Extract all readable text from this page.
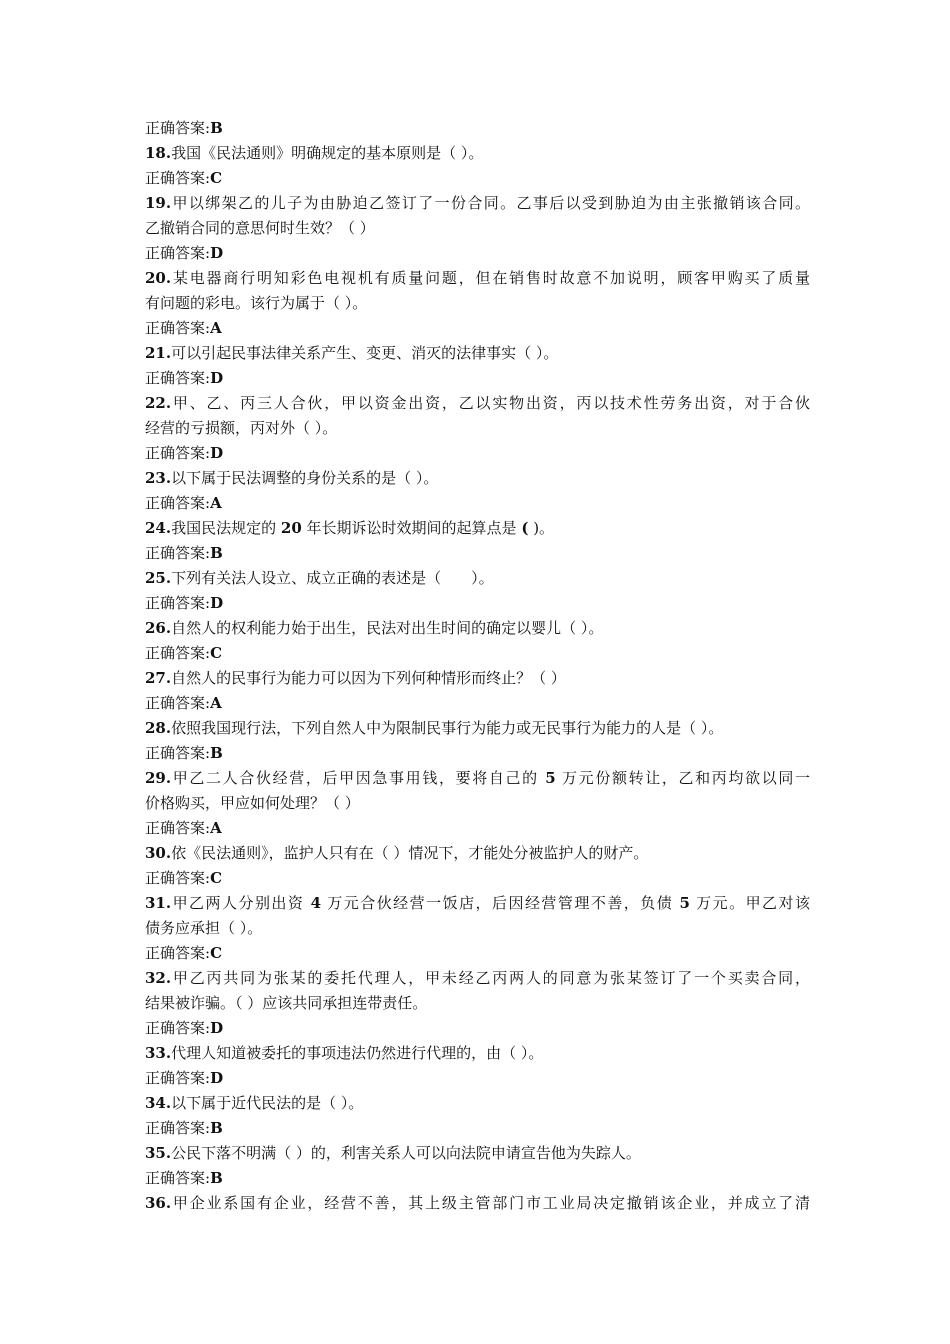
正确答案:B
18.我国《民法通则》明确规定的基本原则是（ ）。
正确答案:C
19.甲以绑架乙的儿子为由胁迫乙签订了一份合同。乙事后以受到胁迫为由主张撤销该合同。
乙撤销合同的意思何时生效？（ ）
正确答案:D
20.某电器商行明知彩色电视机有质量问题，但在销售时故意不加说明，顾客甲购买了质量
有问题的彩电。该行为属于（ ）。
正确答案:A
21.可以引起民事法律关系产生、变更、消灭的法律事实（ ）。
正确答案:D
22.甲、乙、丙三人合伙，甲以资金出资，乙以实物出资，丙以技术性劳务出资，对于合伙
经营的亏损额，丙对外（ ）。
正确答案:D
23.以下属于民法调整的身份关系的是（ ）。
正确答案:A
24.我国民法规定的 20 年长期诉讼时效期间的起算点是 ( )。
正确答案:B
25.下列有关法人设立、成立正确的表述是（　　）。
正确答案:D
26.自然人的权利能力始于出生，民法对出生时间的确定以婴儿（ ）。
正确答案:C
27.自然人的民事行为能力可以因为下列何种情形而终止？（ ）
正确答案:A
28.依照我国现行法，下列自然人中为限制民事行为能力或无民事行为能力的人是（ ）。
正确答案:B
29.甲乙二人合伙经营，后甲因急事用钱，要将自己的 5 万元份额转让，乙和丙均欲以同一
价格购买，甲应如何处理？（ ）
正确答案:A
30.依《民法通则》，监护人只有在（ ）情况下，才能处分被监护人的财产。
正确答案:C
31.甲乙两人分别出资 4 万元合伙经营一饭店，后因经营管理不善，负债 5 万元。甲乙对该
债务应承担（ ）。
正确答案:C
32.甲乙丙共同为张某的委托代理人，甲未经乙丙两人的同意为张某签订了一个买卖合同，
结果被诈骗。（ ）应该共同承担连带责任。
正确答案:D
33.代理人知道被委托的事项违法仍然进行代理的，由（ ）。
正确答案:D
34.以下属于近代民法的是（ ）。
正确答案:B
35.公民下落不明满（ ）的，利害关系人可以向法院申请宣告他为失踪人。
正确答案:B
36.甲企业系国有企业，经营不善，其上级主管部门市工业局决定撤销该企业，并成立了清
